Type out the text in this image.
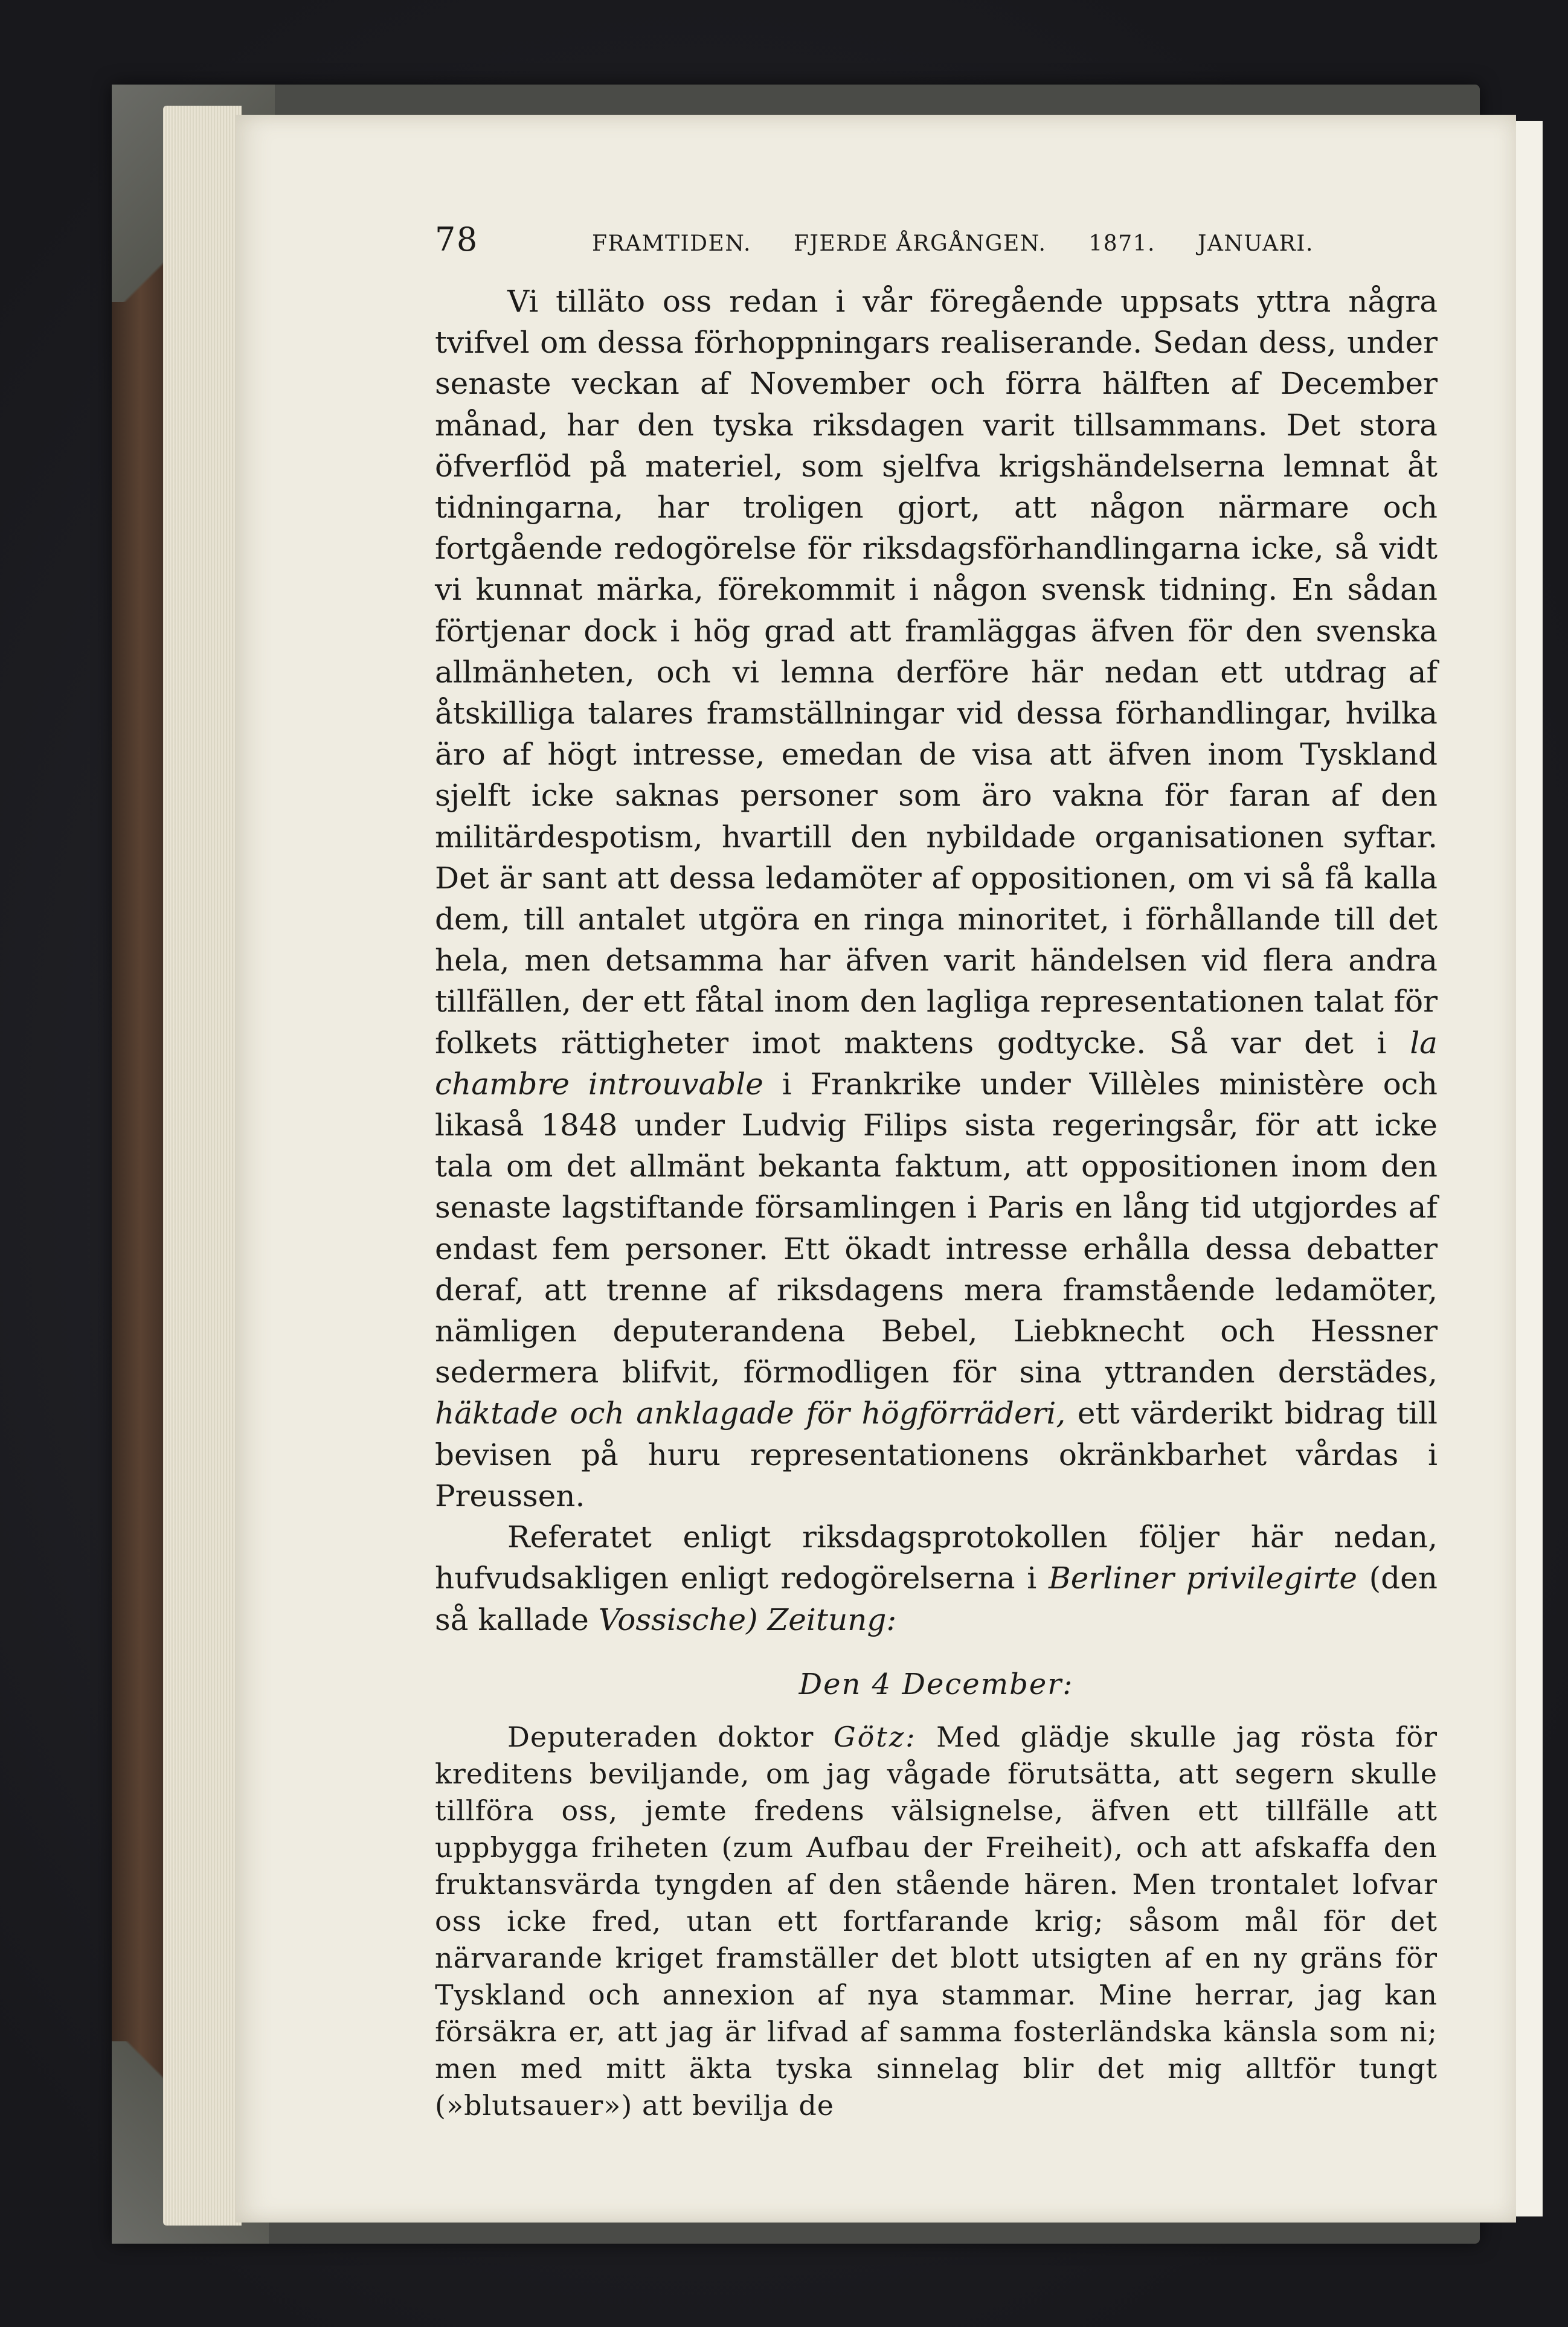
78	FRAMTIDEN. FJERDE ÅRGÅNGEN. 1871. JANUARI.

Vi tilläto oss redan i vår föregående uppsats yttra några tvifvel om dessa förhoppningars realiserande. Sedan dess, under senaste veckan af November och förra hälften af December månad, har den tyska riksdagen varit tillsammans. Det stora öfverflöd på materiel, som sjelfva krigshändelserna lemnat åt tidningarna, har troligen gjort, att någon närmare och fortgående redogörelse för riksdagsförhandlingarna icke, så vidt vi kunnat märka, förekommit i någon svensk tidning. En sådan förtjenar dock i hög grad att framläggas äfven för den svenska allmänheten, och vi lemna derföre här nedan ett utdrag af åtskilliga talares framställningar vid dessa förhandlingar, hvilka äro af högt intresse, emedan de visa att äfven inom Tyskland sjelft icke saknas personer som äro vakna för faran af den militärdespotism, hvartill den nybildade organisationen syftar. Det är sant att dessa ledamöter af oppositionen, om vi så få kalla dem, till antalet utgöra en ringa minoritet, i förhållande till det hela, men detsamma har äfven varit händelsen vid flera andra tillfällen, der ett fåtal inom den lagliga representationen talat för folkets rättigheter imot maktens godtycke. Så var det i la chambre introuvable i Frankrike under Villèles ministère och likaså 1848 under Ludvig Filips sista regeringsår, för att icke tala om det allmänt bekanta faktum, att oppositionen inom den senaste lagstiftande församlingen i Paris en lång tid utgjordes af endast fem personer. Ett ökadt intresse erhålla dessa debatter deraf, att trenne af riksdagens mera framstående ledamöter, nämligen deputerandena Bebel, Liebknecht och Hessner sedermera blifvit, förmodligen för sina yttranden derstädes, häktade och anklagade för högförräderi, ett värderikt bidrag till bevisen på huru representationens okränkbarhet vårdas i Preussen.

Referatet enligt riksdagsprotokollen följer här nedan, hufvudsakligen enligt redogörelserna i Berliner privilegirte (den så kallade Vossische) Zeitung:

Den 4 December:

Deputeraden doktor Götz: Med glädje skulle jag rösta för kreditens beviljande, om jag vågade förutsätta, att segern skulle tillföra oss, jemte fredens välsignelse, äfven ett tillfälle att uppbygga friheten (zum Aufbau der Freiheit), och att afskaffa den fruktansvärda tyngden af den stående hären. Men trontalet lofvar oss icke fred, utan ett fortfarande krig; såsom mål för det närvarande kriget framställer det blott utsigten af en ny gräns för Tyskland och annexion af nya stammar. Mine herrar, jag kan försäkra er, att jag är lifvad af samma fosterländska känsla som ni; men med mitt äkta tyska sinnelag blir det mig alltför tungt (»blutsauer») att bevilja de
